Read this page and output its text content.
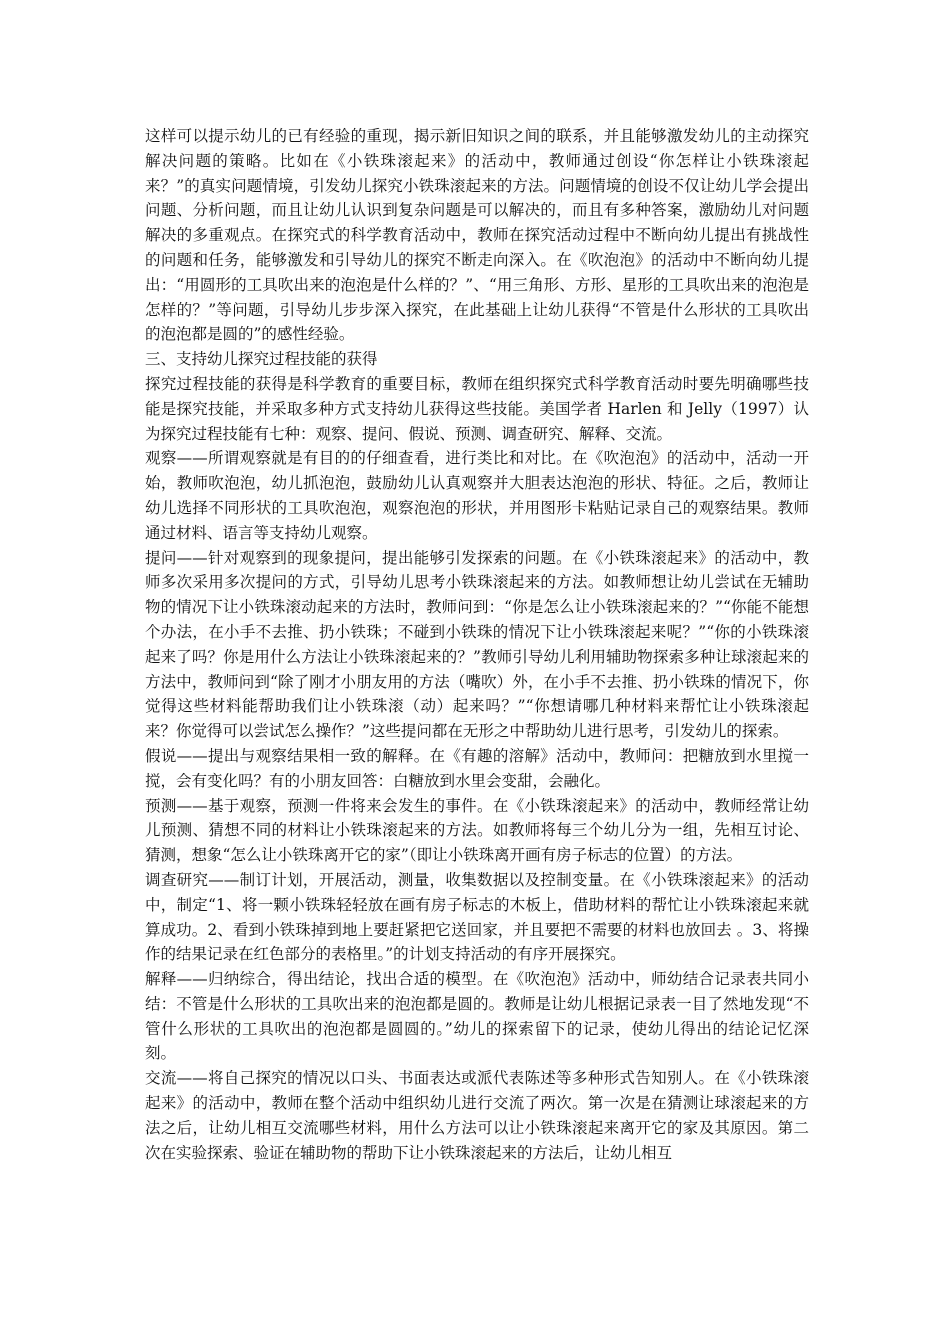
这样可以提示幼儿的已有经验的重现，揭示新旧知识之间的联系，并且能够激发幼儿的主动探究解决问题的策略。比如在《小铁珠滚起来》的活动中，教师通过创设“你怎样让小铁珠滚起来？”的真实问题情境，引发幼儿探究小铁珠滚起来的方法。问题情境的创设不仅让幼儿学会提出问题、分析问题，而且让幼儿认识到复杂问题是可以解决的，而且有多种答案，激励幼儿对问题解决的多重观点。在探究式的科学教育活动中，教师在探究活动过程中不断向幼儿提出有挑战性的问题和任务，能够激发和引导幼儿的探究不断走向深入。在《吹泡泡》的活动中不断向幼儿提出：“用圆形的工具吹出来的泡泡是什么样的？”、“用三角形、方形、星形的工具吹出来的泡泡是怎样的？”等问题，引导幼儿步步深入探究，在此基础上让幼儿获得“不管是什么形状的工具吹出的泡泡都是圆的”的感性经验。

三、支持幼儿探究过程技能的获得

探究过程技能的获得是科学教育的重要目标，教师在组织探究式科学教育活动时要先明确哪些技能是探究技能，并采取多种方式支持幼儿获得这些技能。美国学者 Harlen 和 Jelly（1997）认为探究过程技能有七种：观察、提问、假说、预测、调查研究、解释、交流。

观察——所谓观察就是有目的的仔细查看，进行类比和对比。在《吹泡泡》的活动中，活动一开始，教师吹泡泡，幼儿抓泡泡，鼓励幼儿认真观察并大胆表达泡泡的形状、特征。之后，教师让幼儿选择不同形状的工具吹泡泡，观察泡泡的形状，并用图形卡粘贴记录自己的观察结果。教师通过材料、语言等支持幼儿观察。

提问——针对观察到的现象提问，提出能够引发探索的问题。在《小铁珠滚起来》的活动中，教师多次采用多次提问的方式，引导幼儿思考小铁珠滚起来的方法。如教师想让幼儿尝试在无辅助物的情况下让小铁珠滚动起来的方法时，教师问到：“你是怎么让小铁珠滚起来的？”“你能不能想个办法，在小手不去推、扔小铁珠；不碰到小铁珠的情况下让小铁珠滚起来呢？”“你的小铁珠滚起来了吗？你是用什么方法让小铁珠滚起来的？”教师引导幼儿利用辅助物探索多种让球滚起来的方法中，教师问到“除了刚才小朋友用的方法（嘴吹）外，在小手不去推、扔小铁珠的情况下，你觉得这些材料能帮助我们让小铁珠滚（动）起来吗？”“你想请哪几种材料来帮忙让小铁珠滚起来？你觉得可以尝试怎么操作？”这些提问都在无形之中帮助幼儿进行思考，引发幼儿的探索。

假说——提出与观察结果相一致的解释。在《有趣的溶解》活动中，教师问：把糖放到水里搅一搅，会有变化吗？有的小朋友回答：白糖放到水里会变甜，会融化。

预测——基于观察，预测一件将来会发生的事件。在《小铁珠滚起来》的活动中，教师经常让幼儿预测、猜想不同的材料让小铁珠滚起来的方法。如教师将每三个幼儿分为一组，先相互讨论、猜测，想象“怎么让小铁珠离开它的家”（即让小铁珠离开画有房子标志的位置）的方法。

调查研究——制订计划，开展活动，测量，收集数据以及控制变量。在《小铁珠滚起来》的活动中，制定“1、将一颗小铁珠轻轻放在画有房子标志的木板上，借助材料的帮忙让小铁珠滚起来就算成功。2、看到小铁珠掉到地上要赶紧把它送回家，并且要把不需要的材料也放回去 。3、将操作的结果记录在红色部分的表格里。”的计划支持活动的有序开展探究。

解释——归纳综合，得出结论，找出合适的模型。在《吹泡泡》活动中，师幼结合记录表共同小结：不管是什么形状的工具吹出来的泡泡都是圆的。教师是让幼儿根据记录表一目了然地发现“不管什么形状的工具吹出的泡泡都是圆圆的。”幼儿的探索留下的记录，使幼儿得出的结论记忆深刻。

交流——将自己探究的情况以口头、书面表达或派代表陈述等多种形式告知别人。在《小铁珠滚起来》的活动中，教师在整个活动中组织幼儿进行交流了两次。第一次是在猜测让球滚起来的方法之后，让幼儿相互交流哪些材料，用什么方法可以让小铁珠滚起来离开它的家及其原因。第二次在实验探索、验证在辅助物的帮助下让小铁珠滚起来的方法后，让幼儿相互
